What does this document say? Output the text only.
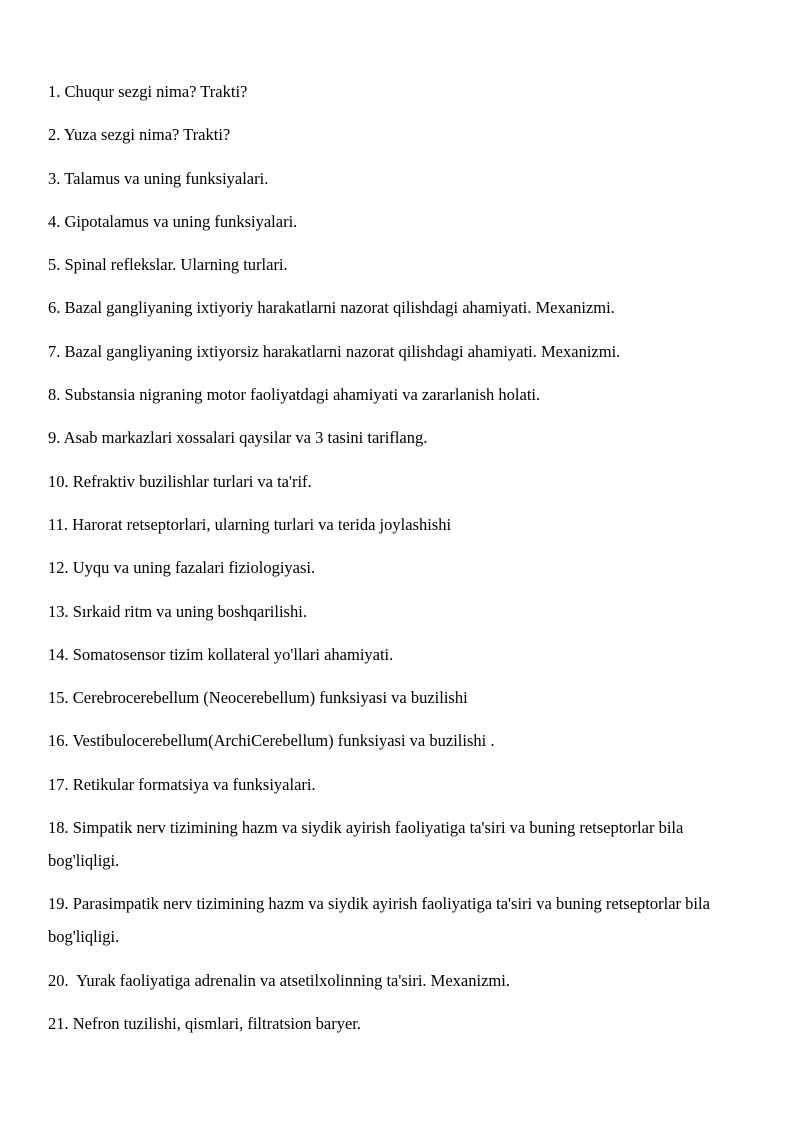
1. Chuqur sezgi nima? Trakti?
2. Yuza sezgi nima? Trakti?
3. Talamus va uning funksiyalari.
4. Gipotalamus va uning funksiyalari.
5. Spinal reflekslar. Ularning turlari.
6. Bazal gangliyaning ixtiyoriy harakatlarni nazorat qilishdagi ahamiyati. Mexanizmi.
7. Bazal gangliyaning ixtiyorsiz harakatlarni nazorat qilishdagi ahamiyati. Mexanizmi.
8. Substansia nigraning motor faoliyatdagi ahamiyati va zararlanish holati.
9. Asab markazlari xossalari qaysilar va 3 tasini tariflang.
10. Refraktiv buzilishlar turlari va ta'rif.
11. Harorat retseptorlari, ularning turlari va terida joylashishi
12. Uyqu va uning fazalari fiziologiyasi.
13. Sırkaid ritm va uning boshqarilishi.
14. Somatosensor tizim kollateral yo'llari ahamiyati.
15. Cerebrocerebellum (Neocerebellum) funksiyasi va buzilishi
16. Vestibulocerebellum(ArchiCerebellum) funksiyasi va buzilishi .
17. Retikular formatsiya va funksiyalari.
18. Simpatik nerv tizimining hazm va siydik ayirish faoliyatiga ta'siri va buning retseptorlar bila bog'liqligi.
19. Parasimpatik nerv tizimining hazm va siydik ayirish faoliyatiga ta'siri va buning retseptorlar bila bog'liqligi.
20.  Yurak faoliyatiga adrenalin va atsetilxolinning ta'siri. Mexanizmi.
21. Nefron tuzilishi, qismlari, filtratsion baryer.
